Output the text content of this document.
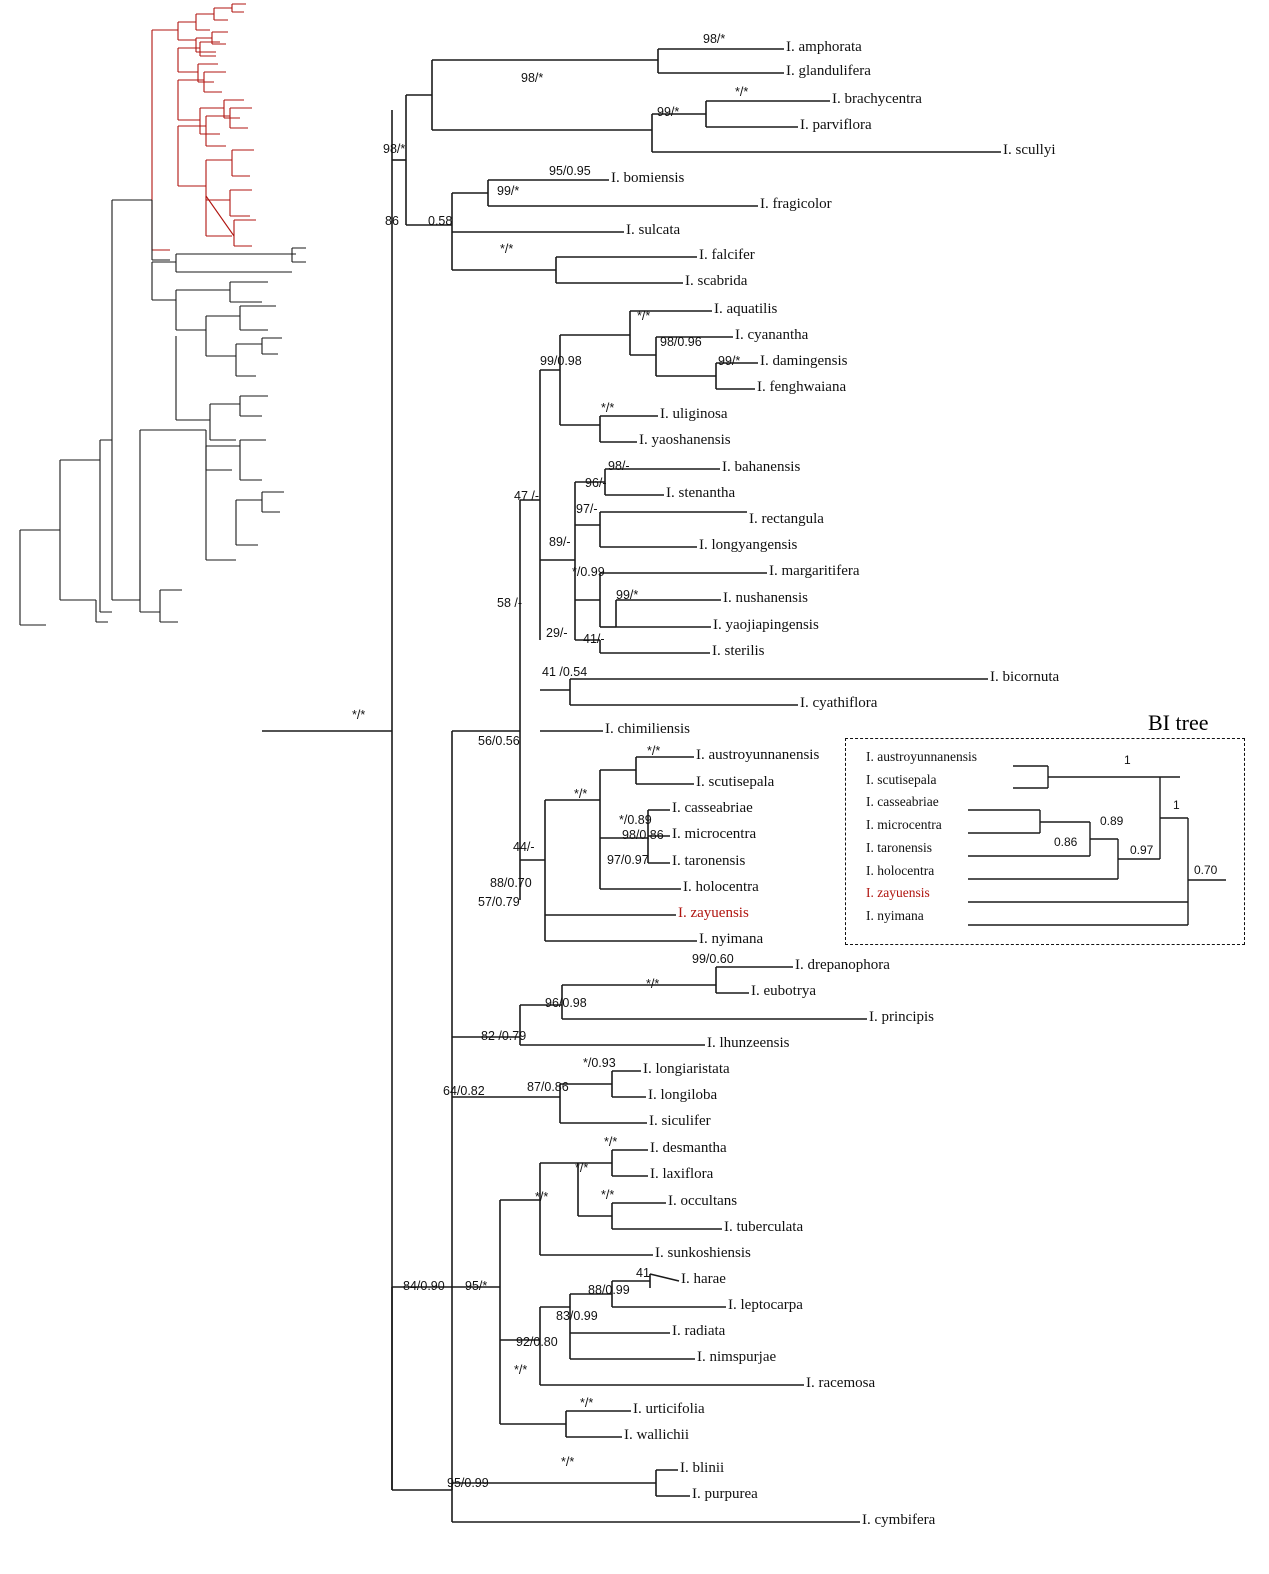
BI tree
I. amphorata
I. glandulifera
I. brachycentra
I. parviflora
I. scullyi
I. bomiensis
I. fragicolor
I. sulcata
I. falcifer
I. scabrida
I. aquatilis
I. cyanantha
I. damingensis
I. fenghwaiana
I. uliginosa
I. yaoshanensis
I. bahanensis
I. stenantha
I. rectangula
I. longyangensis
I. margaritifera
I. nushanensis
I. yaojiapingensis
I. sterilis
I. bicornuta
I. cyathiflora
I. chimiliensis
I. austroyunnanensis
I. scutisepala
I. casseabriae
I. microcentra
I. taronensis
I. holocentra
I. zayuensis
I. nyimana
I. drepanophora
I. eubotrya
I. principis
I. lhunzeensis
I. longiaristata
I. longiloba
I. siculifer
I. desmantha
I. laxiflora
I. occultans
I. tuberculata
I. sunkoshiensis
I. harae
I. leptocarpa
I. radiata
I. nimspurjae
I. racemosa
I. urticifolia
I. wallichii
I. blinii
I. purpurea
I. cymbifera
98/*
*/*
99/*
98/*
98/*
95/0.95
99/*
86 0.58
*/*
*/*
98/0.96
99/*
99/0.98
*/*
98/-
96/-
97/-
89/-
*/0.99
99/*
29/- 41/-
47 /-
58 /-
41 /0.54
56/0.56
*/*
*/*
*/0.89
98/0.86
97/0.97
44/-
88/0.70
57/0.79
99/0.60
*/*
96/0.98
82 /0.79
*/0.93
87/0.86
64/0.82
*/*
*/*
*/*
*/*
41
88/0.99
83/0.99
92/0.80
*/*
*/*
95/*
84/0.90
*/*
95/0.99
*/*
I. austroyunnanensis
I. scutisepala
I. casseabriae
I. microcentra
I. taronensis
I. holocentra
I. zayuensis
I. nyimana
1
0.86
0.89
0.97
1
0.70
